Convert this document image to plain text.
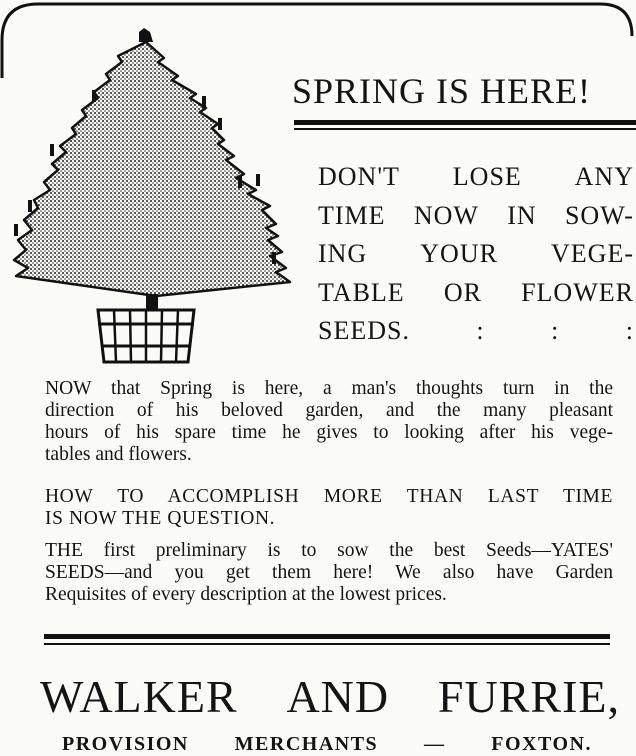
SPRING IS HERE!
DON'T LOSE ANY
TIME NOW IN SOW-
ING YOUR VEGE-
TABLE OR FLOWER
SEEDS.	:	:	:
NOW that Spring is here, a man's thoughts turn in the
direction of his beloved garden, and the many pleasant
hours of his spare time he gives to looking after his vege-
tables and flowers.
HOW TO ACCOMPLISH MORE THAN LAST TIME
IS NOW THE QUESTION.
THE first preliminary is to sow the best Seeds—YATES'
SEEDS—and you get them here! We also have Garden
Requisites of every description at the lowest prices.
WALKER AND FURRIE,
PROVISION MERCHANTS — FOXTON.
